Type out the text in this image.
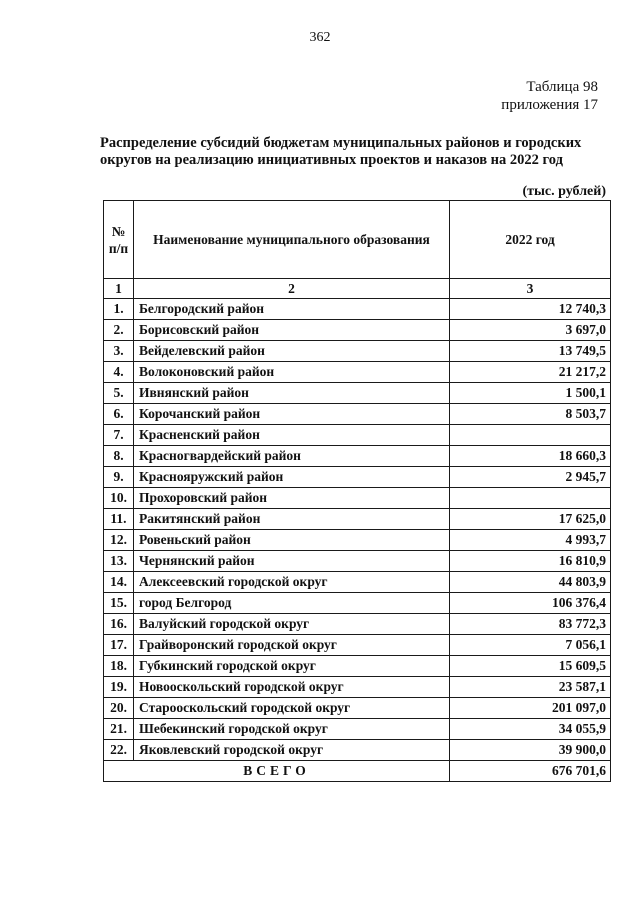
362
Таблица 98
приложения 17
Распределение субсидий бюджетам муниципальных районов и городских округов на реализацию инициативных проектов и наказов на 2022 год
(тыс. рублей)
№ п/п	Наименование муниципального образования	2022 год
1	2	3
1.	Белгородский район	12 740,3
2.	Борисовский район	3 697,0
3.	Вейделевский район	13 749,5
4.	Волоконовский район	21 217,2
5.	Ивнянский район	1 500,1
6.	Корочанский район	8 503,7
7.	Красненский район	
8.	Красногвардейский район	18 660,3
9.	Краснояружский район	2 945,7
10.	Прохоровский район	
11.	Ракитянский район	17 625,0
12.	Ровеньский район	4 993,7
13.	Чернянский район	16 810,9
14.	Алексеевский городской округ	44 803,9
15.	город Белгород	106 376,4
16.	Валуйский городской округ	83 772,3
17.	Грайворонский городской округ	7 056,1
18.	Губкинский городской округ	15 609,5
19.	Новооскольский городской округ	23 587,1
20.	Старооскольский городской округ	201 097,0
21.	Шебекинский городской округ	34 055,9
22.	Яковлевский городской округ	39 900,0
ВСЕГО		676 701,6
